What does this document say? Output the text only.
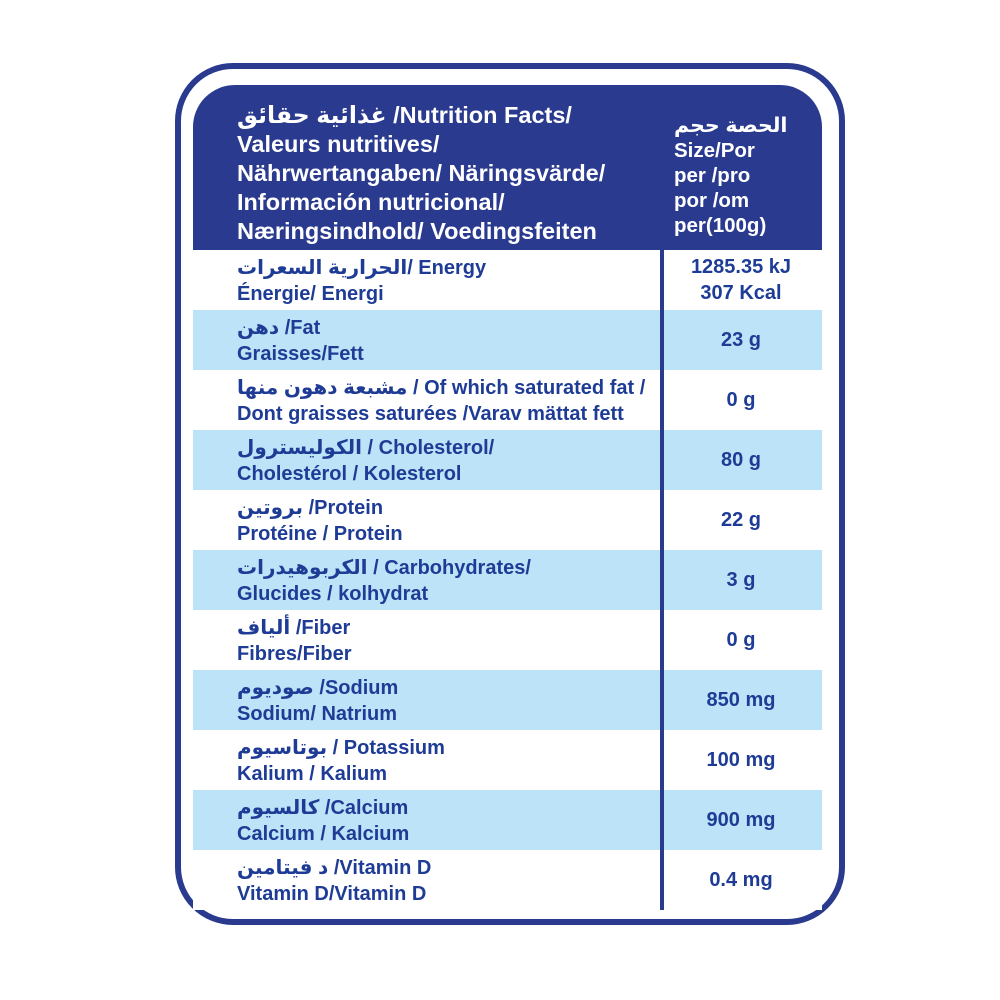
غذائية حقائق /Nutrition Facts/
Valeurs nutritives/
Nährwertangaben/ Näringsvärde/
Información nutricional/
Næringsindhold/ Voedingsfeiten
الحصة حجم
Size/Por
per /pro
por /om
per(100g)
الحرارية السعرات/ Energy
Énergie/ Energi
1285.35 kJ
307 Kcal
دهن /Fat
Graisses/Fett
23 g
مشبعة دهون منها / Of which saturated fat /
Dont graisses saturées /Varav mättat fett
0 g
الكوليسترول / Cholesterol/
Cholestérol / Kolesterol
80 g
بروتين /Protein
Protéine / Protein
22 g
الكربوهيدرات / Carbohydrates/
Glucides / kolhydrat
3 g
ألياف /Fiber
Fibres/Fiber
0 g
صوديوم /Sodium
Sodium/ Natrium
850 mg
بوتاسيوم / Potassium
Kalium / Kalium
100 mg
كالسيوم /Calcium
Calcium / Kalcium
900 mg
د فيتامين /Vitamin D
Vitamin D/Vitamin D
0.4 mg
